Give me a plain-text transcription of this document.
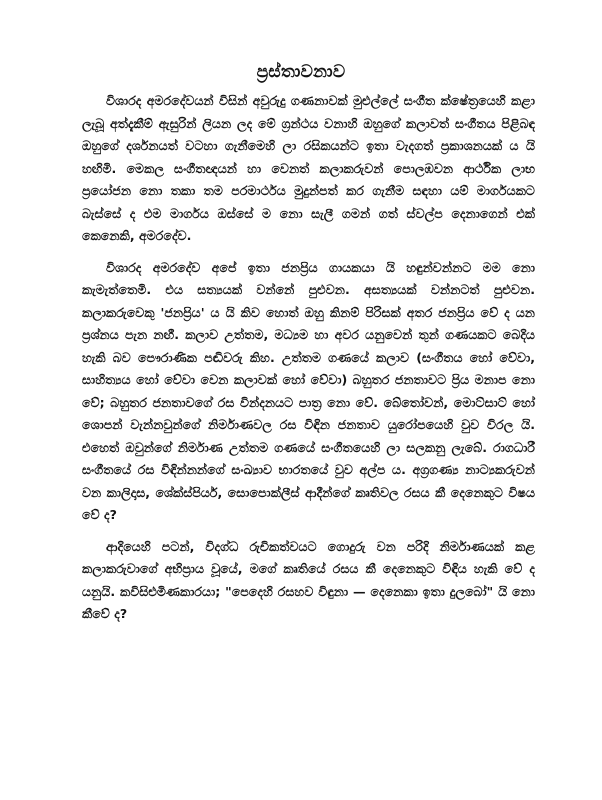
ප්‍රස්තාවනාව

විශාරද අමරදේවයන් විසින් අවුරුදු ගණනාවක් මුළුල්ලේ සංගීත ක්ෂේත්‍රයෙහි කළා ලැබූ අත්දැකීම් ඇසුරින් ලියන ලද මේ ග්‍රන්ථය වනාහි ඔහුගේ කලාවත් සංගීතය පිළිබඳ ඔහුගේ දර්ශනයත් වටහා ගැනීමෙහි ලා රසිකයන්ට ඉතා වැදගත් ප්‍රකාශනයක් ය යි හඟිමි. මෙකල සංගීතඥයන් හා වෙනත් කලාකරුවන් පොලඹවන ආර්ථික ලාභ ප්‍රයෝජන නො තකා තම පරමාර්ථය මුදුන්පත් කර ගැනීම සඳහා යම් මාර්ගයකට බැස්සේ ද එම මාර්ගය ඔස්සේ ම නො සැලී ගමන් ගත් ස්වල්ප දෙනාගෙන් එක් කෙනෙකි, අමරදේව.

විශාරද අමරදේව අපේ ඉතා ජනප්‍රිය ගායකයා යි හඳුන්වන්නට මම නො කැමැත්තෙමි. එය සත්‍යයක් වන්නේ පුළුවන. අසත්‍යයක් වන්නටත් පුළුවන. කලාකරුවෙකු 'ජනප්‍රිය' ය යි කිව හොත් ඔහු කිනම් පිරිසක් අතර ජනප්‍රිය වේ ද යන ප්‍රශ්නය පැන නඟී. කලාව උත්තම, මධ්‍යම හා අවර යනුවෙන් තුන් ගණයකට බෙදිය හැකි බව පෞරාණික පඬිවරු කිහ. උත්තම ගණයේ කලාව (සංගීතය හෝ වේවා, සාහිත්‍යය හෝ වේවා වෙන කලාවක් හෝ වේවා) බහුතර ජනතාවට ප්‍රිය මනාප නො වේ; බහුතර ජනතාවගේ රස වින්දනයට පාත්‍ර නො වේ. බේතෝවන්, මොට්සාට් හෝ ශොපන් වැන්නවුන්ගේ නිර්මාණවල රස විඳින ජනතාව යුරෝපයෙහි වුව විරල යි. එහෙත් ඔවුන්ගේ නිර්මාණ උත්තම ගණයේ සංගීතයෙහි ලා සලකනු ලැබේ. රාගධාරී සංගීතයේ රස විඳින්නන්ගේ සංඛ්‍යාව භාරතයේ වුව අල්ප ය. අග්‍රගණ්‍ය නාට්‍යකරුවන් වන කාලිදාස, ශේක්ස්පියර්, සොපොක්ලීස් ආදීන්ගේ කෘතිවල රසය කී දෙනෙකුට විෂය වේ ද?

ආදියෙහි පටන්, විදග්ධ රුචිකත්වයට ගොදුරු වන පරිදි නිර්මාණයක් කළ කලාකරුවාගේ අභිප්‍රාය වූයේ, මගේ කෘතියේ රසය කී දෙනෙකුට විඳිය හැකි වේ ද යනුයි. කවිසිළුමිණකාරයා; "පෙදෙහි රසහව විඳුනා — දෙනෙකා ඉතා දුලබෝ" යි නො කීවේ ද?
